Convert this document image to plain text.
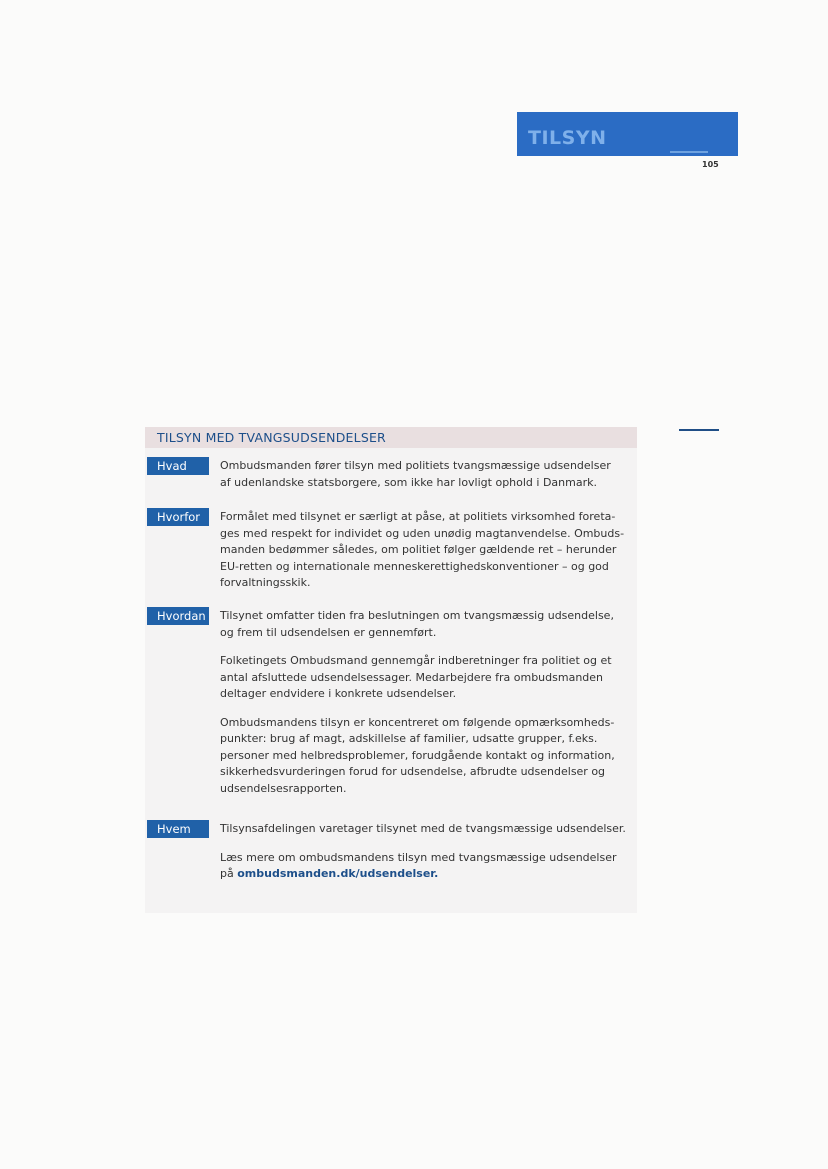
TILSYN
105
TILSYN MED TVANGSUDSENDELSER
Hvad	Ombudsmanden fører tilsyn med politiets tvangsmæssige udsendelser
af udenlandske statsborgere, som ikke har lovligt ophold i Danmark.

Hvorfor	Formålet med tilsynet er særligt at påse, at politiets virksomhed foreta-
ges med respekt for individet og uden unødig magtanvendelse. Ombuds-
manden bedømmer således, om politiet følger gældende ret – herunder
EU-retten og internationale menneskerettighedskonventioner – og god
forvaltningsskik.

Hvordan	Tilsynet omfatter tiden fra beslutningen om tvangsmæssig udsendelse,
og frem til udsendelsen er gennemført.

Folketingets Ombudsmand gennemgår indberetninger fra politiet og et
antal afsluttede udsendelsessager. Medarbejdere fra ombudsmanden
deltager endvidere i konkrete udsendelser.

Ombudsmandens tilsyn er koncentreret om følgende opmærksomheds-
punkter: brug af magt, adskillelse af familier, udsatte grupper, f.eks.
personer med helbredsproblemer, forudgående kontakt og information,
sikkerhedsvurderingen forud for udsendelse, afbrudte udsendelser og
udsendelsesrapporten.

Hvem	Tilsynsafdelingen varetager tilsynet med de tvangsmæssige udsendelser.

Læs mere om ombudsmandens tilsyn med tvangsmæssige udsendelser
på ombudsmanden.dk/udsendelser.
